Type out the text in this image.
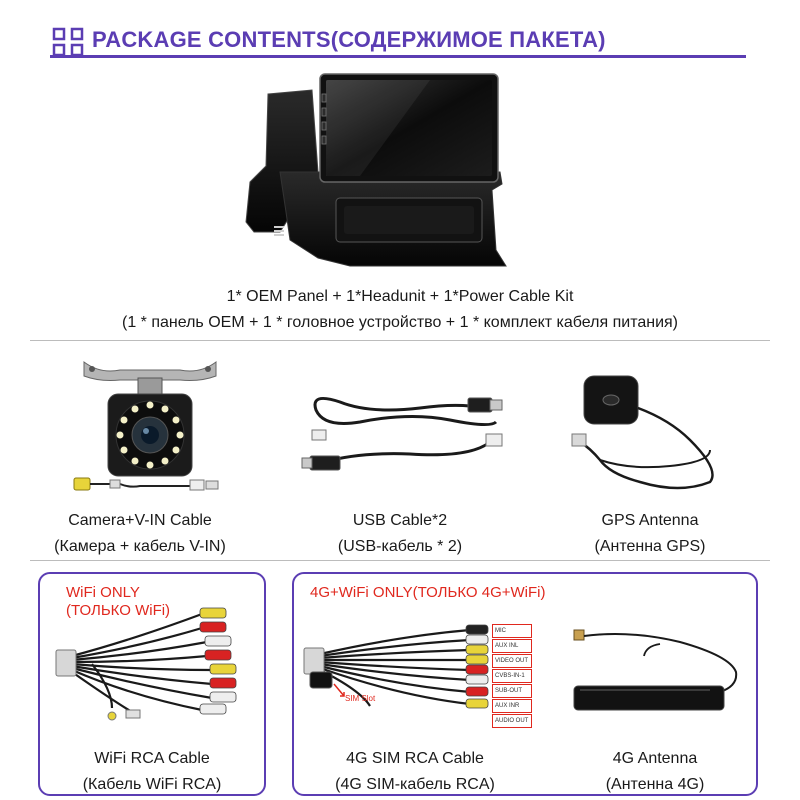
PACKAGE CONTENTS(СОДЕРЖИМОЕ ПАКЕТА)
1* OEM Panel + 1*Headunit + 1*Power Cable Kit
(1 * панель OEM + 1 * головное устройство + 1 * комплект кабеля питания)
Camera+V-IN Cable
(Камера + кабель V-IN)
USB Cable*2
(USB-кабель * 2)
GPS Antenna
(Антенна GPS)
WiFi ONLY
(ТОЛЬКО WiFi)
WiFi RCA Cable
(Кабель WiFi RCA)
4G+WiFi ONLY(ТОЛЬКО 4G+WiFi)
SIM Slot
MIC
AUX INL
VIDEO OUT
CVBS-IN-1
SUB-OUT
AUX INR
AUDIO OUT
4G SIM RCA Cable
(4G SIM-кабель RCA)
4G Antenna
(Антенна 4G)
